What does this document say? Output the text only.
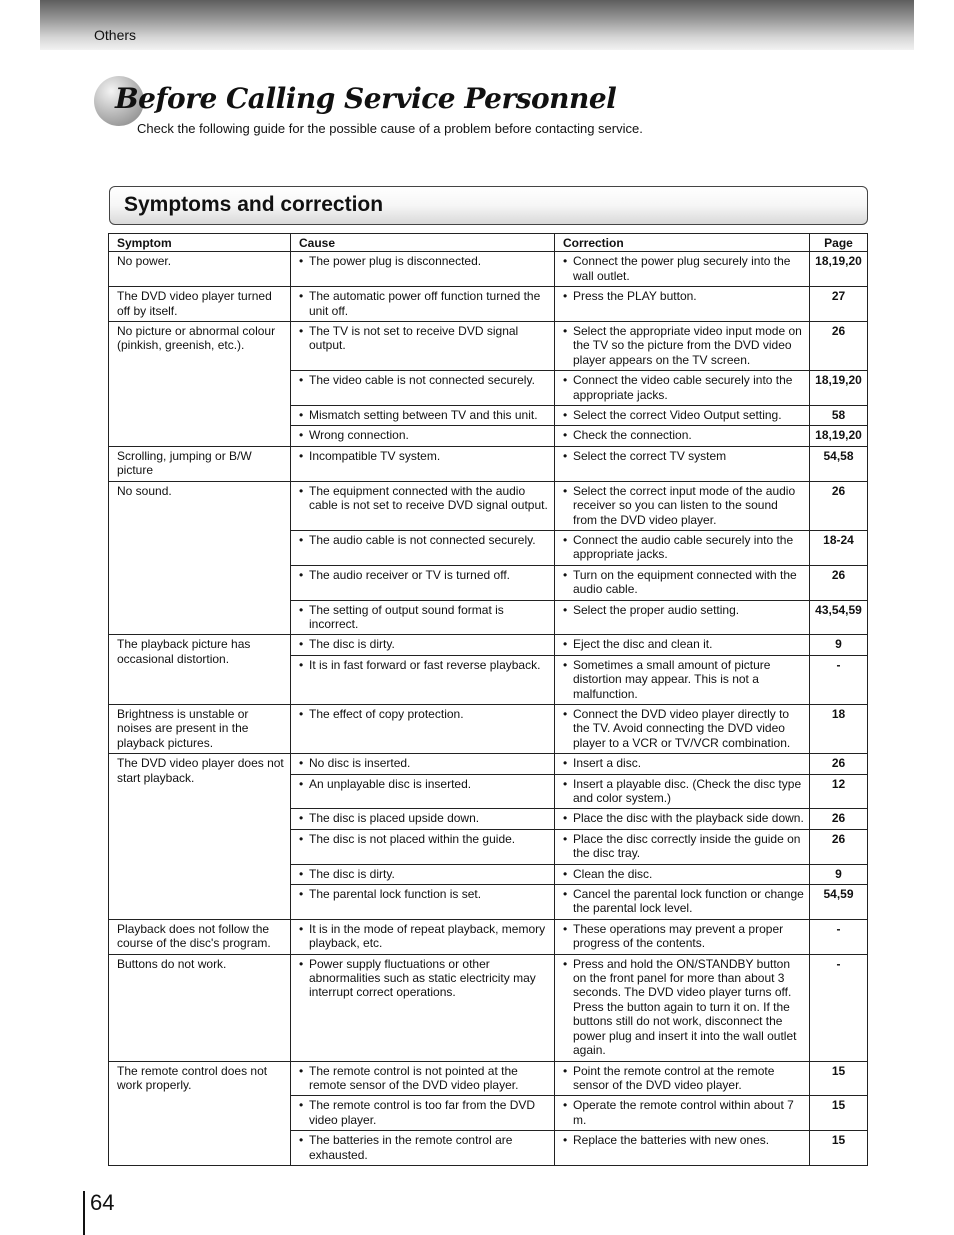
Others
Before Calling Service Personnel
Check the following guide for the possible cause of a problem before contacting service.
Symptoms and correction
Symptom	Cause	Correction	Page
No power.	• The power plug is disconnected.	• Connect the power plug securely into the wall outlet.	18,19,20
The DVD video player turned off by itself.	• The automatic power off function turned the unit off.	• Press the PLAY button.	27
No picture or abnormal colour (pinkish, greenish, etc.).	• The TV is not set to receive DVD signal output.	• Select the appropriate video input mode on the TV so the picture from the DVD video player appears on the TV screen.	26

	• The video cable is not connected securely.	• Connect the video cable securely into the appropriate jacks.	18,19,20

	• Mismatch setting between TV and this unit.	• Select the correct Video Output setting.	58

	• Wrong connection.	• Check the connection.	18,19,20
Scrolling, jumping or B/W picture	• Incompatible TV system.	• Select the correct TV system	54,58
No sound.	• The equipment connected with the audio cable is not set to receive DVD signal output.	• Select the correct input mode of the audio receiver so you can listen to the sound from the DVD video player.	26

	• The audio cable is not connected securely.	• Connect the audio cable securely into the appropriate jacks.	18-24

	• The audio receiver or TV is turned off.	• Turn on the equipment connected with the audio cable.	26

	• The setting of output sound format is incorrect.	• Select the proper audio setting.	43,54,59
The playback picture has occasional distortion.	• The disc is dirty.	• Eject the disc and clean it.	9

	• It is in fast forward or fast reverse playback.	• Sometimes a small amount of picture distortion may appear. This is not a malfunction.	-
Brightness is unstable or noises are present in the playback pictures.	• The effect of copy protection.	• Connect the DVD video player directly to the TV. Avoid connecting the DVD video player to a VCR or TV/VCR combination.	18
The DVD video player does not start playback.	• No disc is inserted.	• Insert a disc.	26

	• An unplayable disc is inserted.	• Insert a playable disc. (Check the disc type and color system.)	12

	• The disc is placed upside down.	• Place the disc with the playback side down.	26

	• The disc is not placed within the guide.	• Place the disc correctly inside the guide on the disc tray.	26

	• The disc is dirty.	• Clean the disc.	9

	• The parental lock function is set.	• Cancel the parental lock function or change the parental lock level.	54,59
Playback does not follow the course of the disc's program.	• It is in the mode of repeat playback, memory playback, etc.	• These operations may prevent a proper progress of the contents.	-
Buttons do not work.	• Power supply fluctuations or other abnormalities such as static electricity may interrupt correct operations.	• Press and hold the ON/STANDBY button on the front panel for more than about 3 seconds. The DVD video player turns off. Press the button again to turn it on. If the buttons still do not work, disconnect the power plug and insert it into the wall outlet again.	-
The remote control does not work properly.	• The remote control is not pointed at the remote sensor of the DVD video player.	• Point the remote control at the remote sensor of the DVD video player.	15

	• The remote control is too far from the DVD video player.	• Operate the remote control within about 7 m.	15

	• The batteries in the remote control are exhausted.	• Replace the batteries with new ones.	15
64
